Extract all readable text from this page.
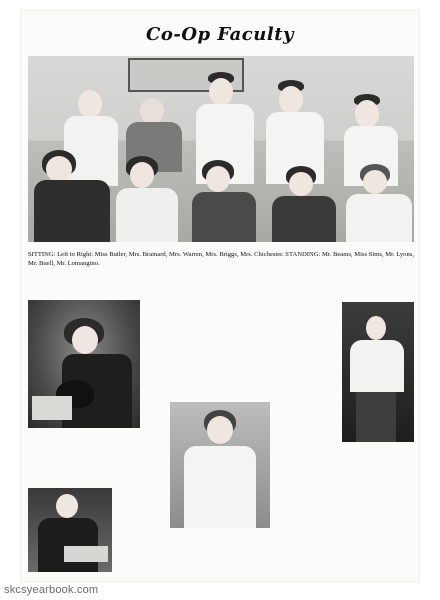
Co-Op Faculty
SITTING: Left to Right: Miss Butler, Mrs. Brainard, Mrs. Warren, Mrs. Briggs, Mrs. Chichester. STANDING: Mr. Beams, Miss Sims, Mr. Lyons, Mr. Buell, Mr. Lomangino.
skcsyearbook.com
